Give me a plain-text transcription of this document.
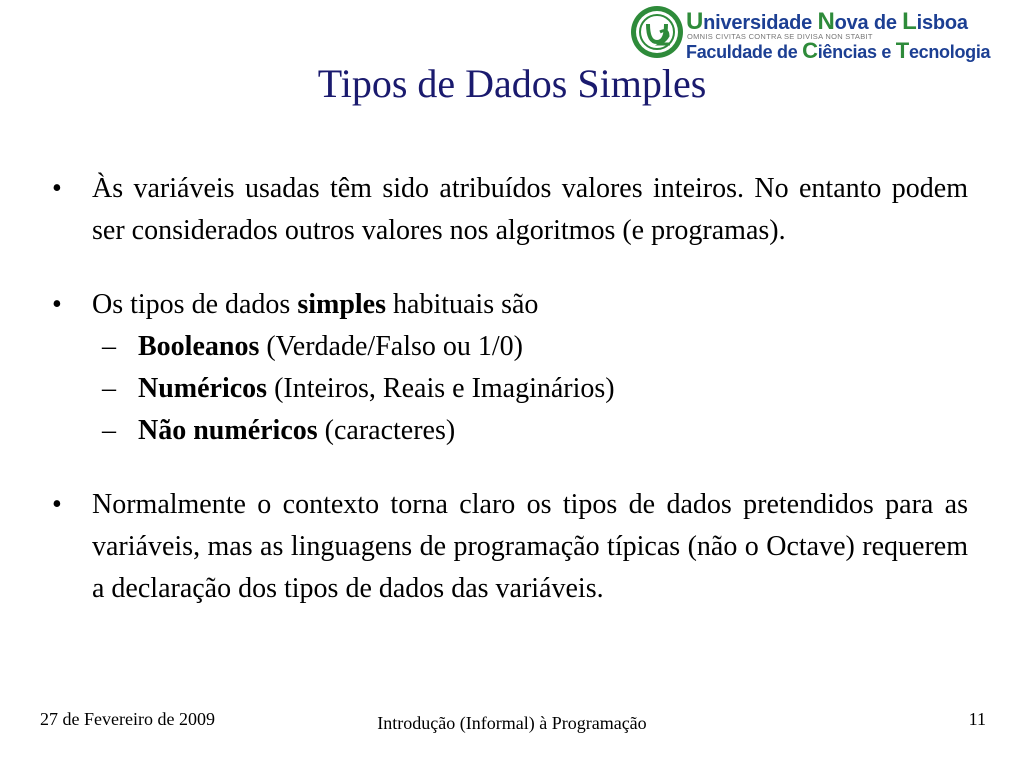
Universidade Nova de Lisboa
OMNIS CIVITAS CONTRA SE DIVISA NON STABIT
Faculdade de Ciências e Tecnologia
Tipos de Dados Simples
• Às variáveis usadas têm sido atribuídos valores inteiros. No entanto podem ser considerados outros valores nos algoritmos (e programas).
• Os tipos de dados simples habituais são
– Booleanos (Verdade/Falso ou 1/0)
– Numéricos (Inteiros, Reais e Imaginários)
– Não numéricos (caracteres)
• Normalmente o contexto torna claro os tipos de dados pretendidos para as variáveis, mas as linguagens de programação típicas (não o Octave) requerem a declaração dos tipos de dados das variáveis.
27 de Fevereiro de 2009	Introdução (Informal) à Programação	11
